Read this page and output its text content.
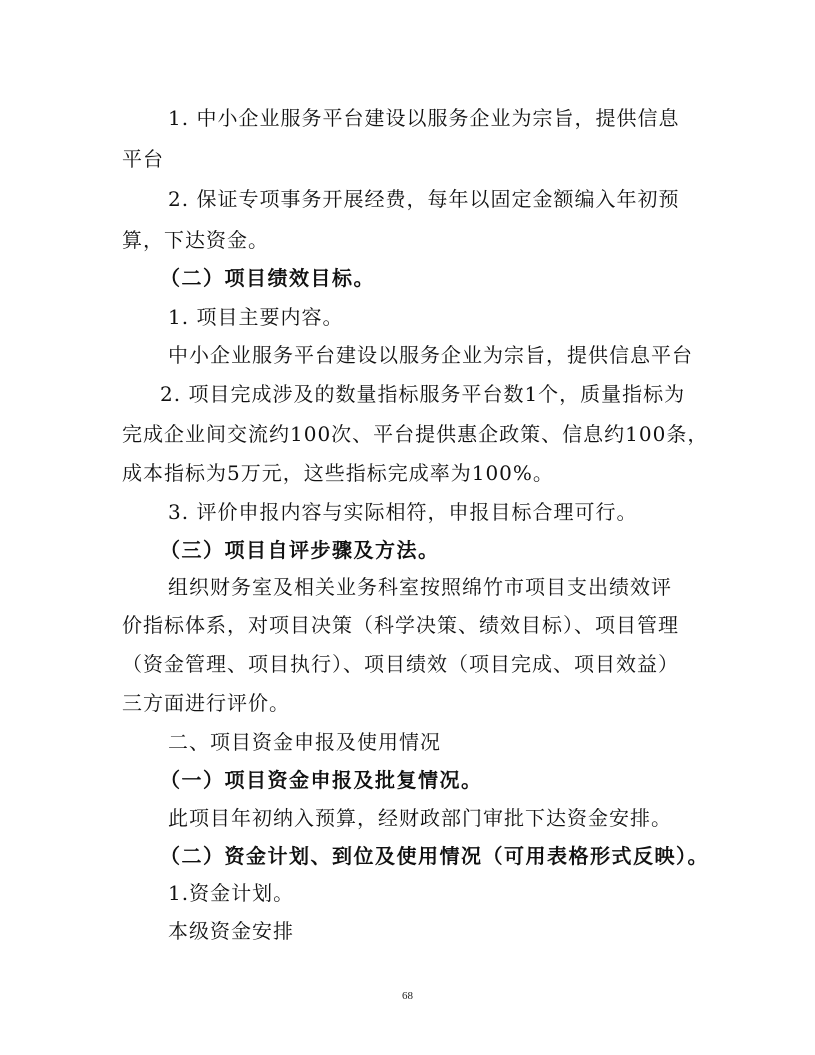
1. 中小企业服务平台建设以服务企业为宗旨，提供信息
平台
2. 保证专项事务开展经费，每年以固定金额编入年初预
算，下达资金。
（二）项目绩效目标。
1. 项目主要内容。
中小企业服务平台建设以服务企业为宗旨，提供信息平台
2. 项目完成涉及的数量指标服务平台数1个，质量指标为
完成企业间交流约100次、平台提供惠企政策、信息约100条，
成本指标为5万元，这些指标完成率为100%。
3. 评价申报内容与实际相符，申报目标合理可行。
（三）项目自评步骤及方法。
组织财务室及相关业务科室按照绵竹市项目支出绩效评
价指标体系，对项目决策（科学决策、绩效目标）、项目管理
（资金管理、项目执行）、项目绩效（项目完成、项目效益）
三方面进行评价。
二、项目资金申报及使用情况
（一）项目资金申报及批复情况。
此项目年初纳入预算，经财政部门审批下达资金安排。
（二）资金计划、到位及使用情况（可用表格形式反映）。
1.资金计划。
本级资金安排
68
